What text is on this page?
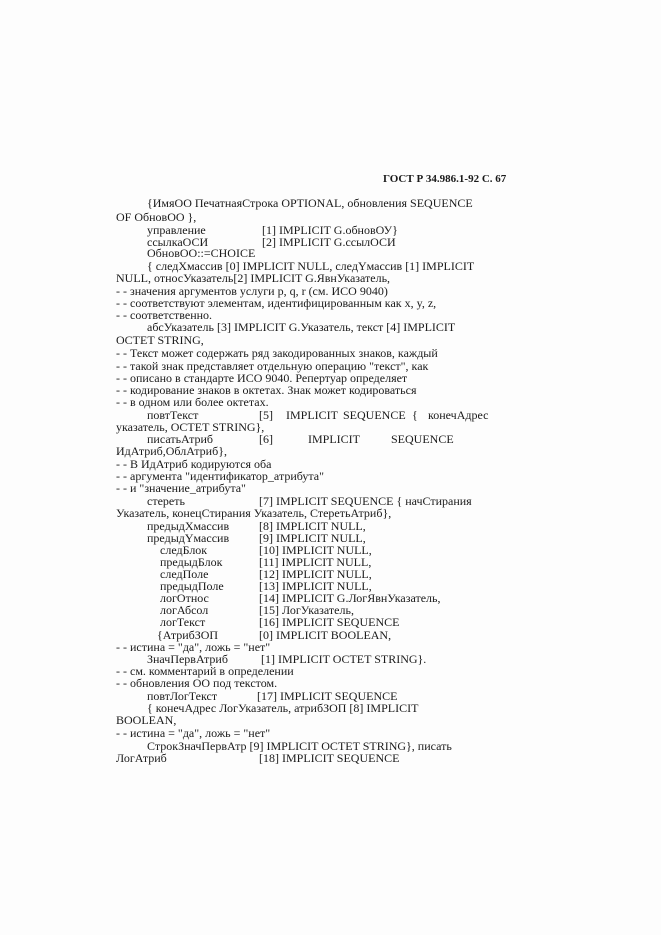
ГОСТ Р 34.986.1-92 С. 67
{ИмяОО ПечатнаяСтрока OPTIONAL, обновления SEQUENCE
OF ОбновОО },
управление	[1] IMPLICIT G.обновОУ}
ссылкаОСИ	[2] IMPLICIT G.ссылОСИ
ОбновОО::=CHOICE
{ следХмассив [0] IMPLICIT NULL, следYмассив [1] IMPLICIT
NULL, относУказатель[2] IMPLICIT G.ЯвнУказатель,
- - значения аргументов услуги p, q, r (см. ИСО 9040)
- - соответствуют элементам, идентифицированным как x, y, z,
- - соответственно.
абсУказатель [3] IMPLICIT G.Указатель, текст [4] IMPLICIT
OCTET STRING,
- - Текст может содержать ряд закодированных знаков, каждый
- - такой знак представляет отдельную операцию "текст", как
- - описано в стандарте ИСО 9040. Репертуар определяет
- - кодирование знаков в октетах. Знак может кодироваться
- - в одном или более октетах.
повтТекст	[5] IMPLICIT SEQUENCE { конечАдрес
указатель, OCTET STRING},
писатьАтриб	[6]	IMPLICIT	SEQUENCE
ИдАтриб,ОблАтриб},
- - В ИдАтриб кодируются оба
- - аргумента "идентификатор_атрибута"
- - и "значение_атрибута"
стереть	[7] IMPLICIT SEQUENCE { начСтирания
Указатель, конецСтирания Указатель, СтеретьАтриб},
предыдХмассив [8] IMPLICIT NULL,
предыдYмассив [9] IMPLICIT NULL,
следБлок	[10] IMPLICIT NULL,
предыдБлок	[11] IMPLICIT NULL,
следПоле	[12] IMPLICIT NULL,
предыдПоле	[13] IMPLICIT NULL,
логОтнос	[14] IMPLICIT G.ЛогЯвнУказатель,
логАбсол	[15] ЛогУказатель,
логТекст	[16] IMPLICIT SEQUENCE
{АтрибЗОП	[0] IMPLICIT BOOLEAN,
- - истина = "да", ложь = "нет"
ЗначПервАтриб	[1] IMPLICIT OCTET STRING}.
- - см. комментарий в определении
- - обновления ОО под текстом.
повтЛогТекст	[17] IMPLICIT SEQUENCE
{ конечАдрес ЛогУказатель, атрибЗОП [8] IMPLICIT
BOOLEAN,
- - истина = "да", ложь = "нет"
СтрокЗначПервАтр [9] IMPLICIT OCTET STRING}, писать
ЛогАтриб	[18] IMPLICIT SEQUENCE
